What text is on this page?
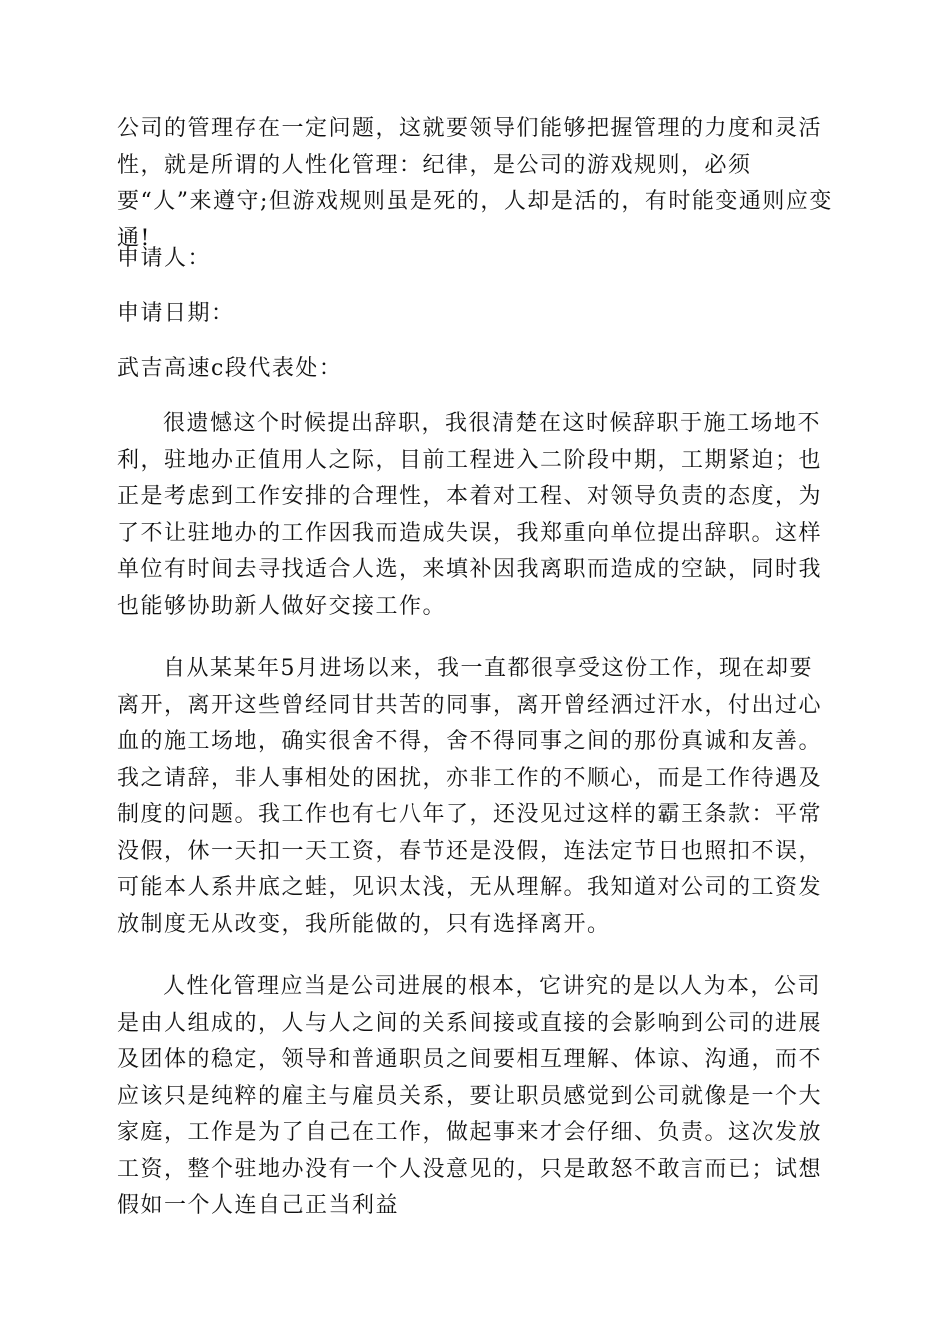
公司的管理存在一定问题，这就要领导们能够把握管理的力度和灵活性，就是所谓的人性化管理：纪律，是公司的游戏规则，必须要“人”来遵守;但游戏规则虽是死的，人却是活的，有时能变通则应变通!
申请人：
申请日期：
武吉高速c段代表处：
很遗憾这个时候提出辞职，我很清楚在这时候辞职于施工场地不利，驻地办正值用人之际，目前工程进入二阶段中期，工期紧迫；也正是考虑到工作安排的合理性，本着对工程、对领导负责的态度，为了不让驻地办的工作因我而造成失误，我郑重向单位提出辞职。这样单位有时间去寻找适合人选，来填补因我离职而造成的空缺，同时我也能够协助新人做好交接工作。
自从某某年5月进场以来，我一直都很享受这份工作，现在却要离开，离开这些曾经同甘共苦的同事，离开曾经洒过汗水，付出过心血的施工场地，确实很舍不得，舍不得同事之间的那份真诚和友善。我之请辞，非人事相处的困扰，亦非工作的不顺心，而是工作待遇及制度的问题。我工作也有七八年了，还没见过这样的霸王条款：平常没假，休一天扣一天工资，春节还是没假，连法定节日也照扣不误，可能本人系井底之蛙，见识太浅，无从理解。我知道对公司的工资发放制度无从改变，我所能做的，只有选择离开。
人性化管理应当是公司进展的根本，它讲究的是以人为本，公司是由人组成的，人与人之间的关系间接或直接的会影响到公司的进展及团体的稳定，领导和普通职员之间要相互理解、体谅、沟通，而不应该只是纯粹的雇主与雇员关系，要让职员感觉到公司就像是一个大家庭，工作是为了自己在工作，做起事来才会仔细、负责。这次发放工资，整个驻地办没有一个人没意见的，只是敢怒不敢言而已；试想假如一个人连自己正当利益
